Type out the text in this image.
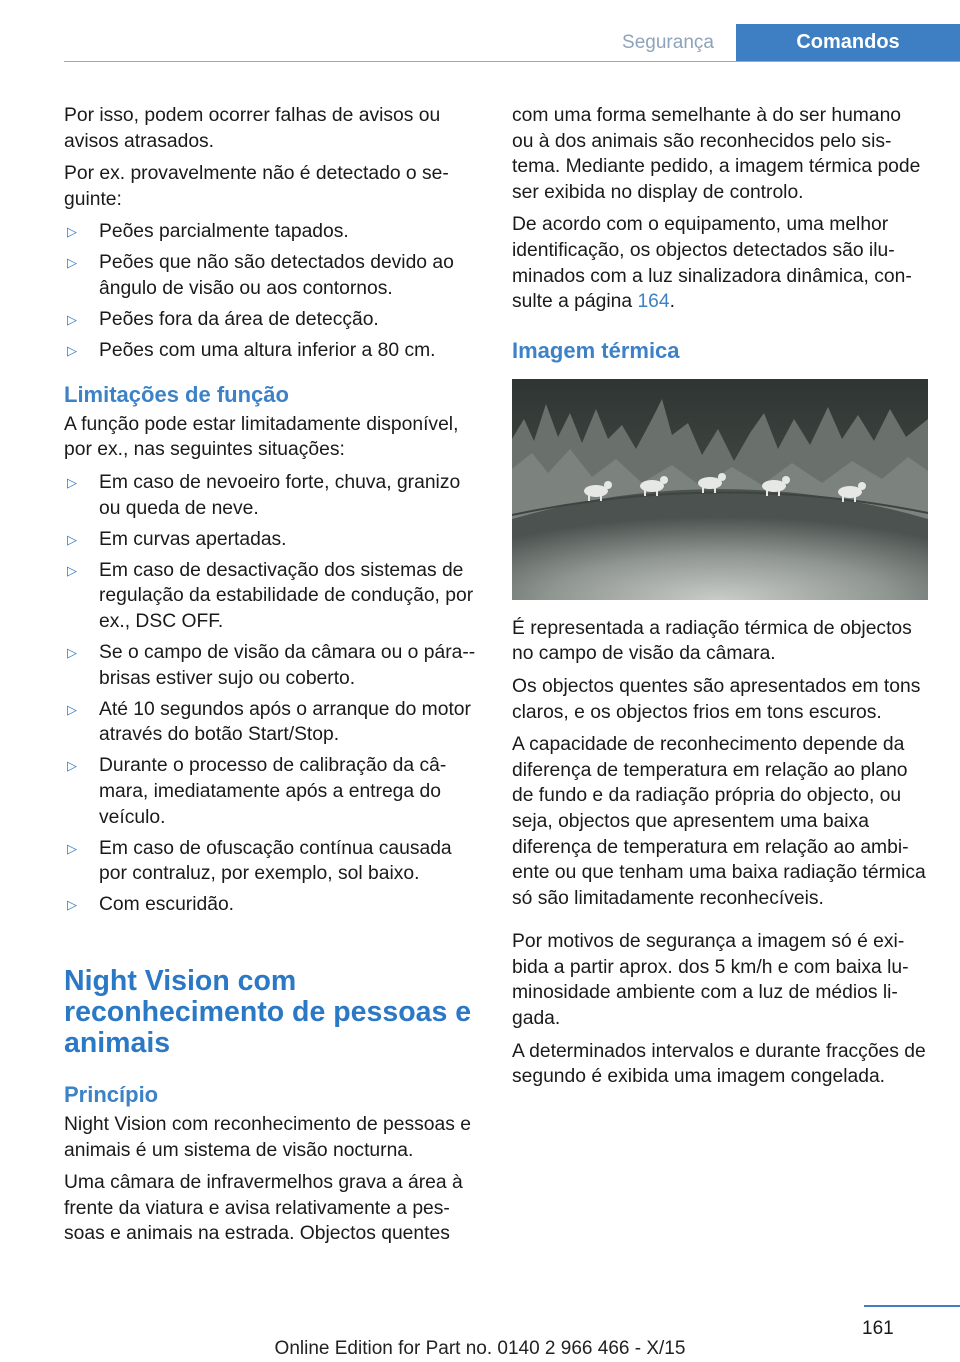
Segurança	Comandos

Por isso, podem ocorrer falhas de avisos ou avisos atrasados.

Por ex. provavelmente não é detectado o seguinte:

▷ Peões parcialmente tapados.
▷ Peões que não são detectados devido ao ângulo de visão ou aos contornos.
▷ Peões fora da área de detecção.
▷ Peões com uma altura inferior a 80 cm.
Limitações de função

A função pode estar limitadamente disponível, por ex., nas seguintes situações:

▷ Em caso de nevoeiro forte, chuva, granizo ou queda de neve.
▷ Em curvas apertadas.
▷ Em caso de desactivação dos sistemas de regulação da estabilidade de condução, por ex., DSC OFF.
▷ Se o campo de visão da câmara ou o pára-brisas estiver sujo ou coberto.
▷ Até 10 segundos após o arranque do motor através do botão Start/Stop.
▷ Durante o processo de calibração da câmara, imediatamente após a entrega do veículo.
▷ Em caso de ofuscação contínua causada por contraluz, por exemplo, sol baixo.
▷ Com escuridão.
Night Vision com reconhecimento de pessoas e animais
Princípio

Night Vision com reconhecimento de pessoas e animais é um sistema de visão nocturna.

Uma câmara de infravermelhos grava a área à frente da viatura e avisa relativamente a pessoas e animais na estrada. Objectos quentes

com uma forma semelhante à do ser humano ou à dos animais são reconhecidos pelo sistema. Mediante pedido, a imagem térmica pode ser exibida no display de controlo.

De acordo com o equipamento, uma melhor identificação, os objectos detectados são iluminados com a luz sinalizadora dinâmica, consulte a página 164.

Imagem térmica

É representada a radiação térmica de objectos no campo de visão da câmara.

Os objectos quentes são apresentados em tons claros, e os objectos frios em tons escuros.

A capacidade de reconhecimento depende da diferença de temperatura em relação ao plano de fundo e da radiação própria do objecto, ou seja, objectos que apresentem uma baixa diferença de temperatura em relação ao ambiente ou que tenham uma baixa radiação térmica só são limitadamente reconhecíveis.

Por motivos de segurança a imagem só é exibida a partir aprox. dos 5 km/h e com baixa luminosidade ambiente com a luz de médios ligada.

A determinados intervalos e durante fracções de segundo é exibida uma imagem congelada.

161
Online Edition for Part no. 0140 2 966 466 - X/15
